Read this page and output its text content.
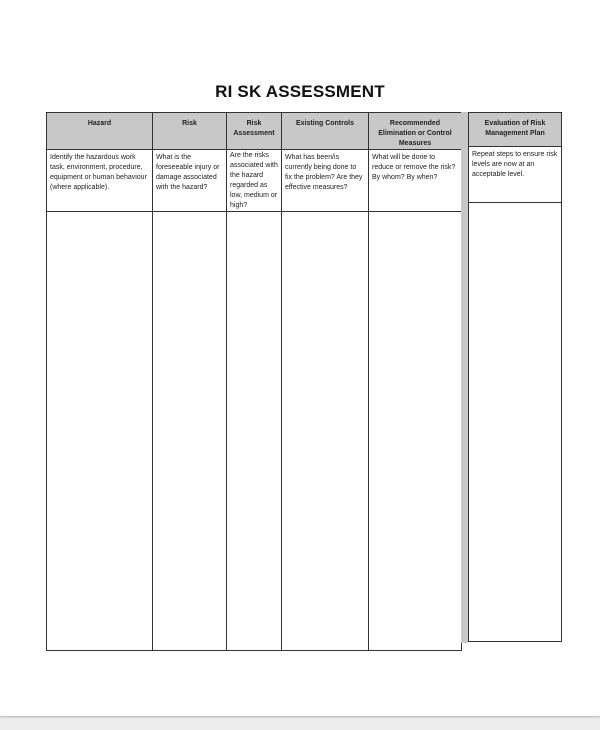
RI SK ASSESSMENT
Hazard	Risk	Risk Assessment	Existing Controls	Recommended Elimination or Control Measures
Identify the hazardous work task, environment, procedure, equipment or human behaviour (where applicable).	What is the foreseeable injury or damage associated with the hazard?	Are the risks associated with the hazard regarded as low, medium or high?	What has been/is currently being done to fix the problem? Are they effective measures?	What will be done to reduce or remove the risk? By whom? By when?

Evaluation of Risk Management Plan
Repeat steps to ensure risk levels are now at an acceptable level.
